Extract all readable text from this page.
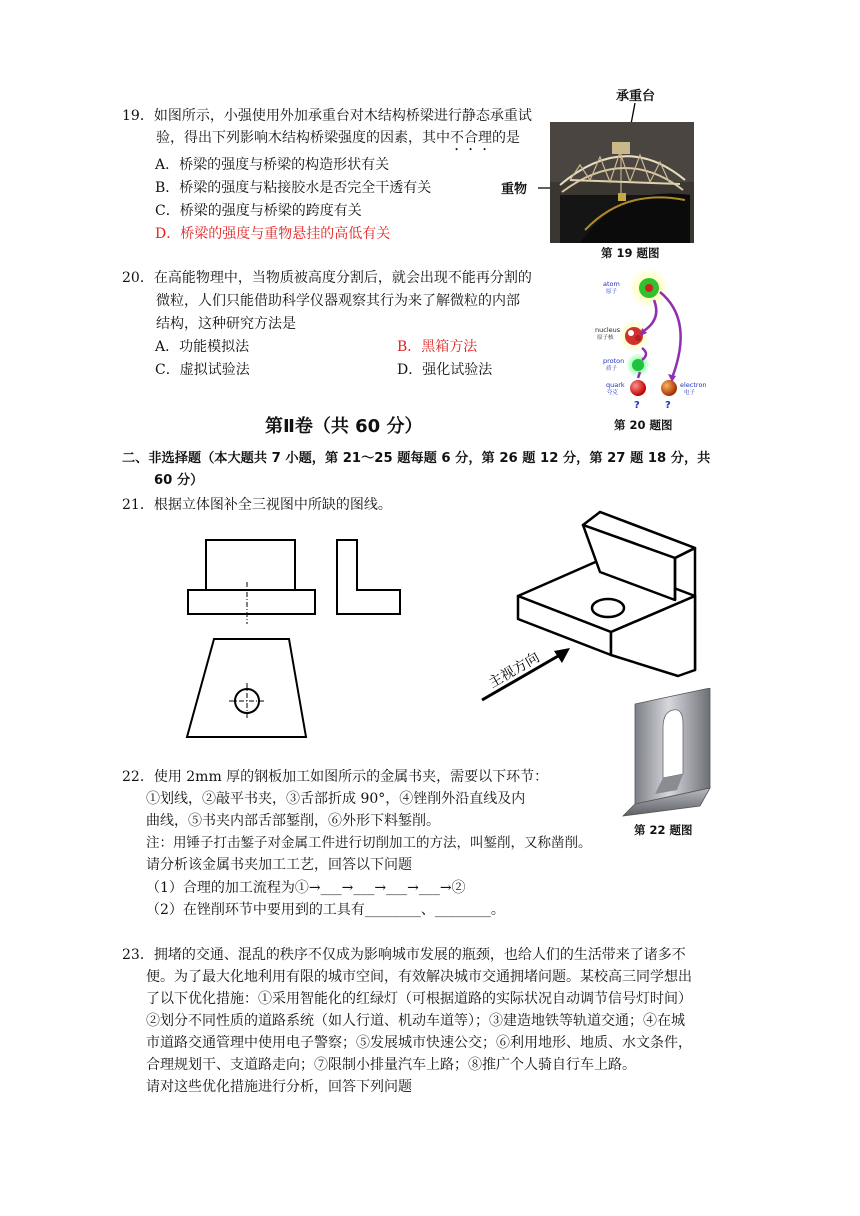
19．如图所示，小强使用外加承重台对木结构桥梁进行静态承重试
验，得出下列影响木结构桥梁强度的因素，其中不合理的是
A．桥梁的强度与桥梁的构造形状有关
B．桥梁的强度与粘接胶水是否完全干透有关
C．桥梁的强度与桥梁的跨度有关
D．桥梁的强度与重物悬挂的高低有关
承重台
重物
第 19 题图
20．在高能物理中，当物质被高度分割后，就会出现不能再分割的
微粒，人们只能借助科学仪器观察其行为来了解微粒的内部
结构，这种研究方法是
A．功能模拟法	B．黑箱方法
C．虚拟试验法	D．强化试验法
atom
原子
nucleus
原子核
proton
质子
quark
夸克
electron
电子
?	?
第 20 题图
第Ⅱ卷（共 60 分）
二、非选择题（本大题共 7 小题，第 21～25 题每题 6 分，第 26 题 12 分，第 27 题 18 分，共
60 分）
21．根据立体图补全三视图中所缺的图线。
主视方向
22．使用 2mm 厚的钢板加工如图所示的金属书夹，需要以下环节：
①划线，②敲平书夹，③舌部折成 90°，④锉削外沿直线及内
曲线，⑤书夹内部舌部錾削，⑥外形下料錾削。
注：用锤子打击錾子对金属工件进行切削加工的方法，叫錾削，又称凿削。
请分析该金属书夹加工工艺，回答以下问题
（1）合理的加工流程为①→___→___→___→___→②
（2）在锉削环节中要用到的工具有________、________。
第 22 题图
23．拥堵的交通、混乱的秩序不仅成为影响城市发展的瓶颈，也给人们的生活带来了诸多不
便。为了最大化地利用有限的城市空间，有效解决城市交通拥堵问题。某校高三同学想出
了以下优化措施：①采用智能化的红绿灯（可根据道路的实际状况自动调节信号灯时间）
②划分不同性质的道路系统（如人行道、机动车道等）；③建造地铁等轨道交通；④在城
市道路交通管理中使用电子警察；⑤发展城市快速公交；⑥利用地形、地质、水文条件，
合理规划干、支道路走向；⑦限制小排量汽车上路；⑧推广个人骑自行车上路。
请对这些优化措施进行分析，回答下列问题
